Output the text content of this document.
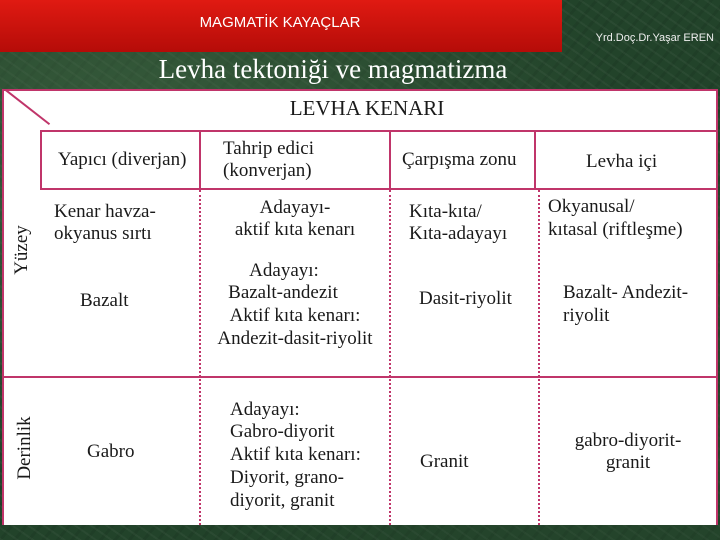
MAGMATİK KAYAÇLAR
Yrd.Doç.Dr.Yaşar EREN
Levha tektoniği ve magmatizma
LEVHA KENARI
Yüzey
Derinlik
Yapıcı (diverjan)
Tahrip edici
(konverjan)
Çarpışma zonu	Levha içi
Kenar havza-
okyanus sırtı
Bazalt
Adayayı-
aktif kıta kenarı
Adayayı:
Bazalt-andezit
Aktif kıta kenarı:
Andezit-dasit-riyolit
Kıta-kıta/
Kıta-adayayı
Dasit-riyolit
Okyanusal/
kıtasal (riftleşme)
Bazalt- Andezit-
riyolit
Gabro
Adayayı:
Gabro-diyorit
Aktif kıta kenarı:
Diyorit, grano-
diyorit, granit
Granit
gabro-diyorit-
granit
